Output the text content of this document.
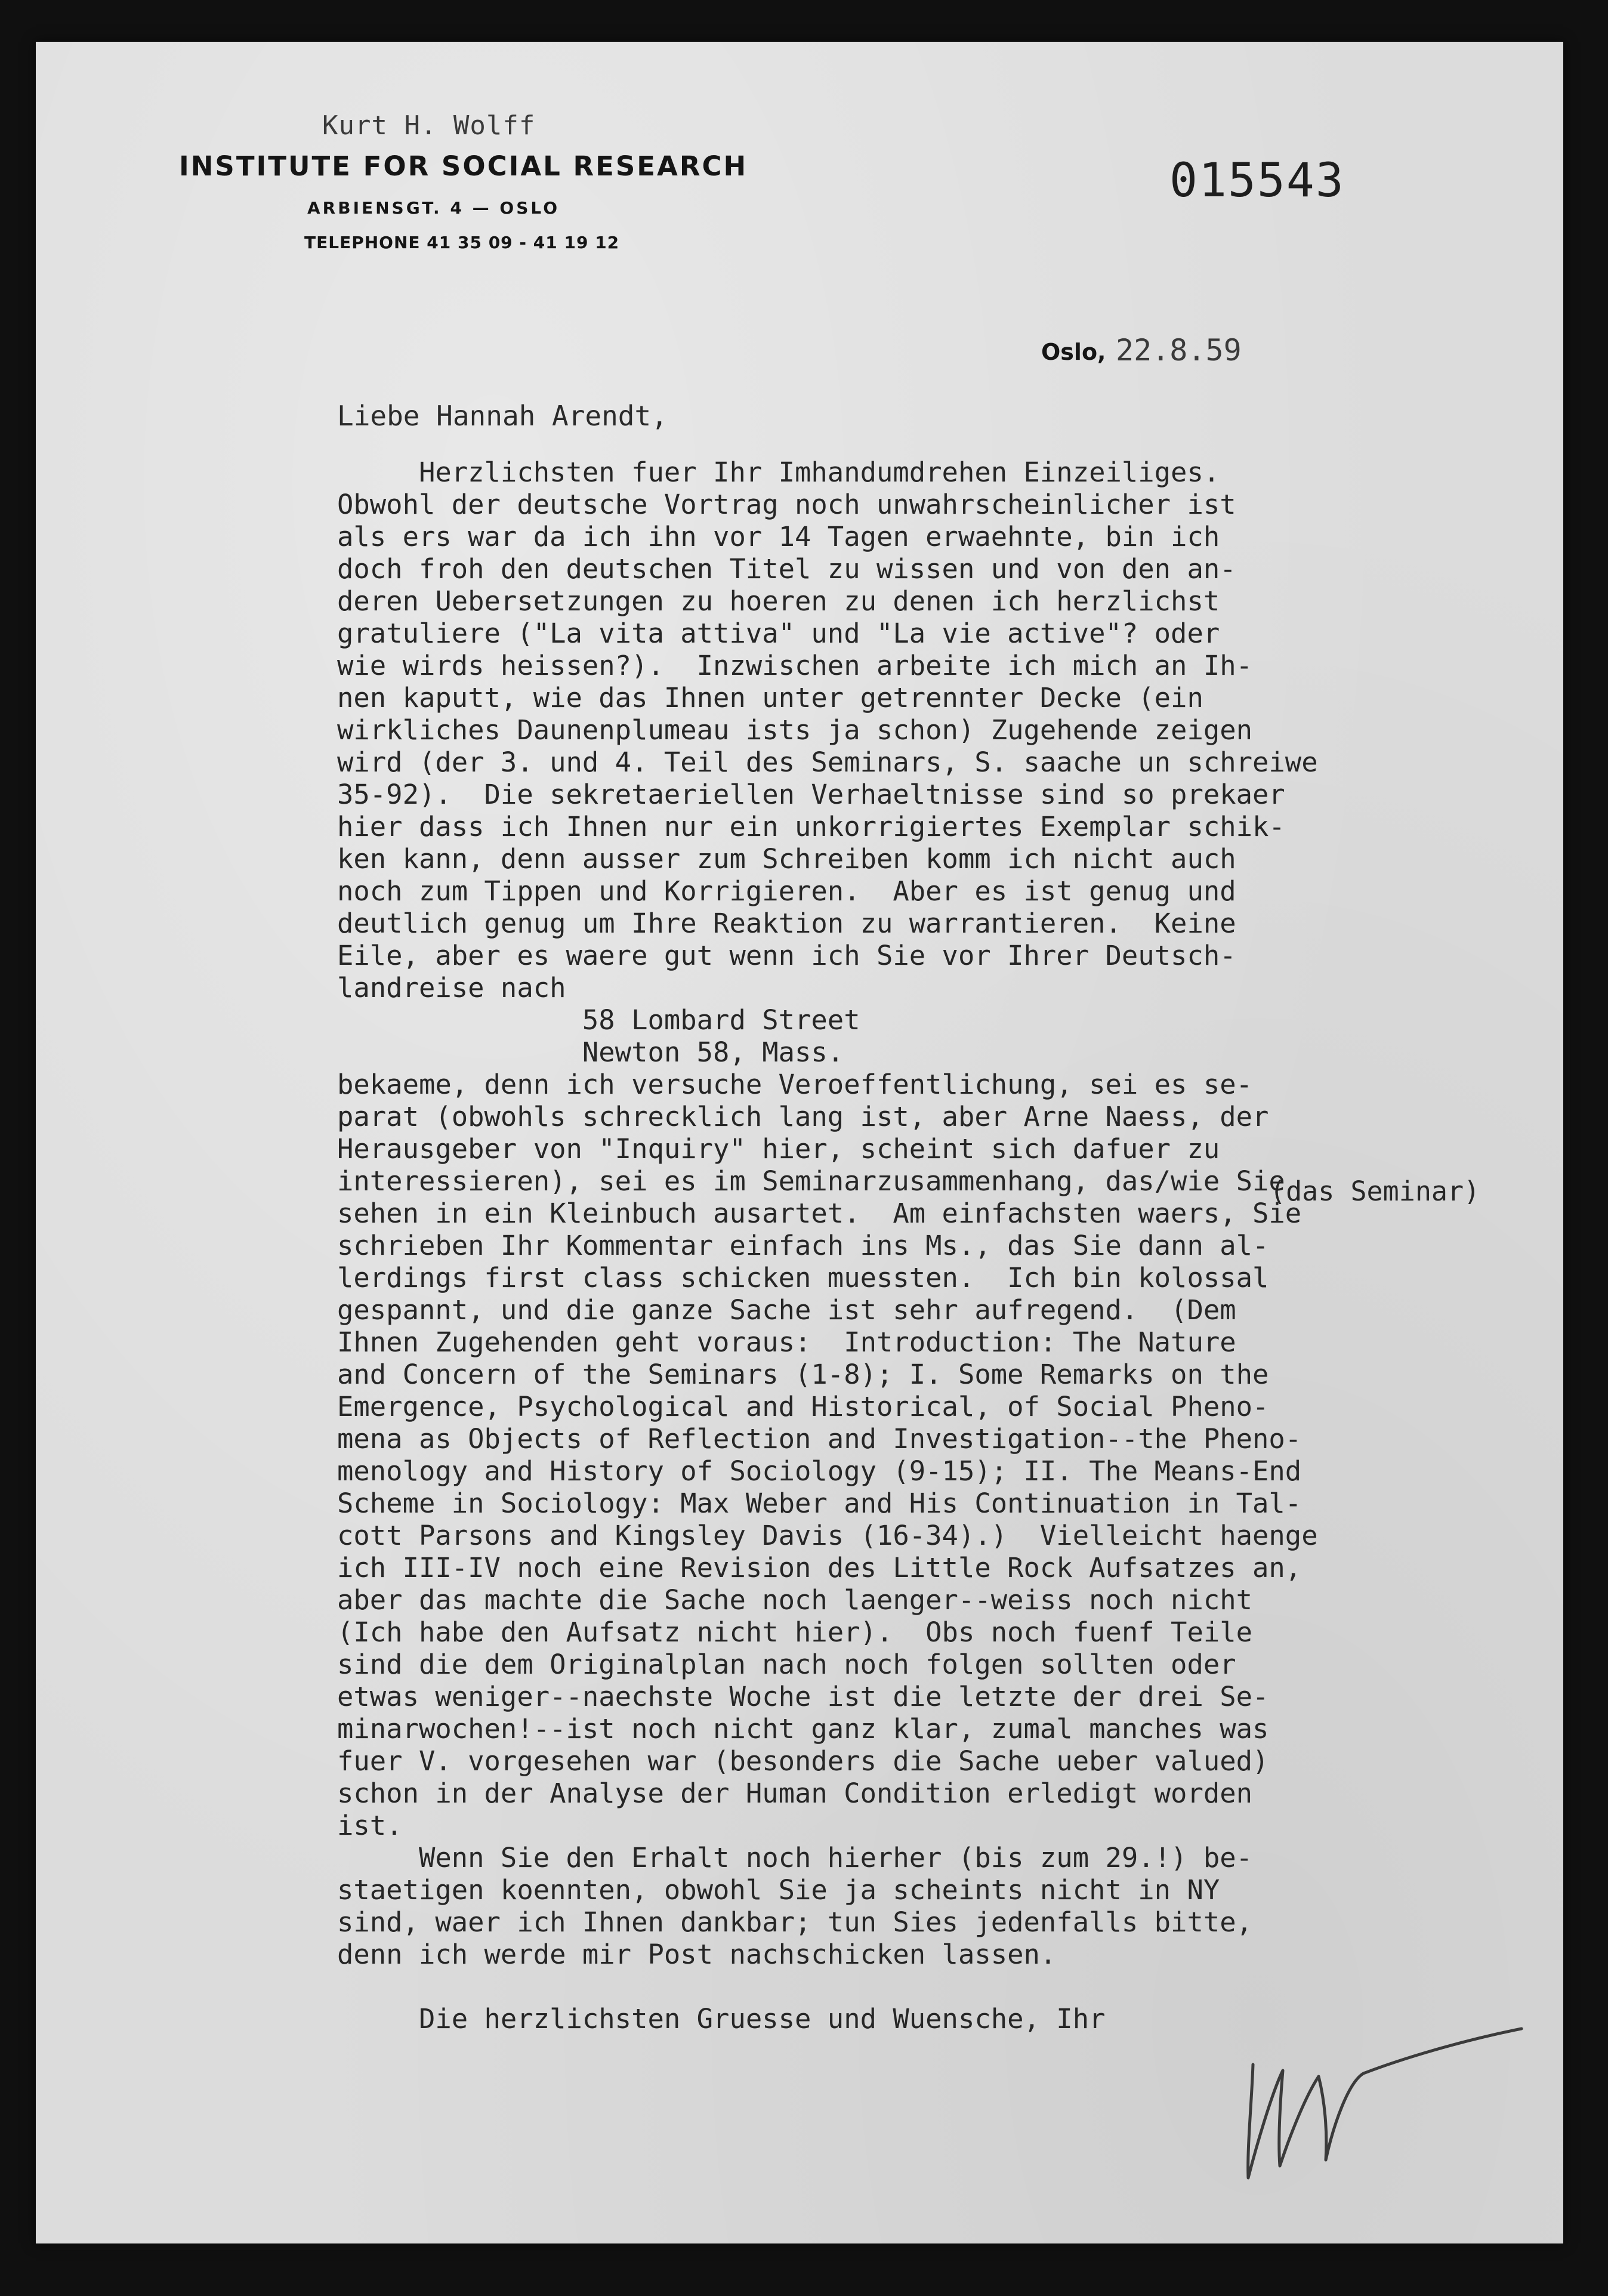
Kurt H. Wolff
INSTITUTE FOR SOCIAL RESEARCH
ARBIENSGT. 4 — OSLO
TELEPHONE 41 35 09 - 41 19 12
015543
Oslo, 22.8.59
Liebe Hannah Arendt,
Herzlichsten fuer Ihr Imhandumdrehen Einzeiliges.
Obwohl der deutsche Vortrag noch unwahrscheinlicher ist
als ers war da ich ihn vor 14 Tagen erwaehnte, bin ich
doch froh den deutschen Titel zu wissen und von den an-
deren Uebersetzungen zu hoeren zu denen ich herzlichst
gratuliere ("La vita attiva" und "La vie active"? oder
wie wirds heissen?).  Inzwischen arbeite ich mich an Ih-
nen kaputt, wie das Ihnen unter getrennter Decke (ein
wirkliches Daunenplumeau ists ja schon) Zugehende zeigen
wird (der 3. und 4. Teil des Seminars, S. saache un schreiwe
35-92).  Die sekretaeriellen Verhaeltnisse sind so prekaer
hier dass ich Ihnen nur ein unkorrigiertes Exemplar schik-
ken kann, denn ausser zum Schreiben komm ich nicht auch
noch zum Tippen und Korrigieren.  Aber es ist genug und
deutlich genug um Ihre Reaktion zu warrantieren.  Keine
Eile, aber es waere gut wenn ich Sie vor Ihrer Deutsch-
landreise nach
58 Lombard Street
Newton 58, Mass.
bekaeme, denn ich versuche Veroeffentlichung, sei es se-
parat (obwohls schrecklich lang ist, aber Arne Naess, der
Herausgeber von "Inquiry" hier, scheint sich dafuer zu
interessieren), sei es im Seminarzusammenhang, das/wie Sie
sehen in ein Kleinbuch ausartet.  Am einfachsten waers, Sie
schrieben Ihr Kommentar einfach ins Ms., das Sie dann al-
lerdings first class schicken muessten.  Ich bin kolossal
gespannt, und die ganze Sache ist sehr aufregend.  (Dem
Ihnen Zugehenden geht voraus:  Introduction: The Nature
and Concern of the Seminars (1-8); I. Some Remarks on the
Emergence, Psychological and Historical, of Social Pheno-
mena as Objects of Reflection and Investigation--the Pheno-
menology and History of Sociology (9-15); II. The Means-End
Scheme in Sociology: Max Weber and His Continuation in Tal-
cott Parsons and Kingsley Davis (16-34).)  Vielleicht haenge
ich III-IV noch eine Revision des Little Rock Aufsatzes an,
aber das machte die Sache noch laenger--weiss noch nicht
(Ich habe den Aufsatz nicht hier).  Obs noch fuenf Teile
sind die dem Originalplan nach noch folgen sollten oder
etwas weniger--naechste Woche ist die letzte der drei Se-
minarwochen!--ist noch nicht ganz klar, zumal manches was
fuer V. vorgesehen war (besonders die Sache ueber valued)
schon in der Analyse der Human Condition erledigt worden
ist.
Wenn Sie den Erhalt noch hierher (bis zum 29.!) be-
staetigen koennten, obwohl Sie ja scheints nicht in NY
sind, waer ich Ihnen dankbar; tun Sies jedenfalls bitte,
denn ich werde mir Post nachschicken lassen.
Die herzlichsten Gruesse und Wuensche, Ihr
(das Seminar)
